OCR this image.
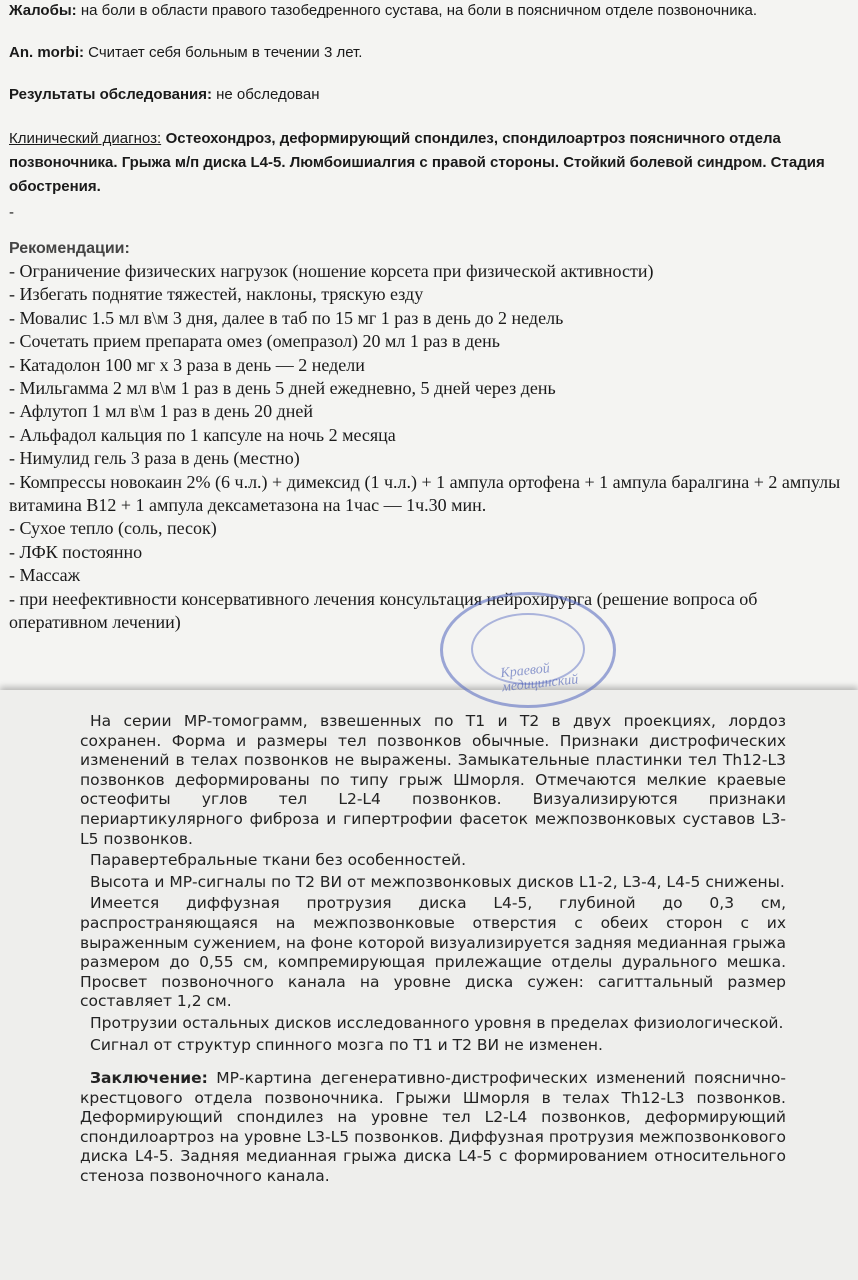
Жалобы: на боли в области правого тазобедренного сустава, на боли в поясничном отделе позвоночника.

An. morbi: Считает себя больным в течении 3 лет.

Результаты обследования: не обследован

Клинический диагноз: Остеохондроз, деформирующий спондилез, спондилоартроз поясничного отдела позвоночника. Грыжа м/п диска L4-5. Люмбоишиалгия с правой стороны. Стойкий болевой синдром. Стадия обострения.

-
Рекомендации:
- Ограничение физических нагрузок (ношение корсета при физической активности)
- Избегать поднятие тяжестей, наклоны, тряскую езду
- Мовалис 1.5 мл в\м 3 дня, далее в таб по 15 мг 1 раз в день до 2 недель
- Сочетать прием препарата омез (омепразол) 20 мл 1 раз в день
- Катадолон 100 мг х 3 раза в день — 2 недели
- Мильгамма 2 мл в\м 1 раз в день 5 дней ежедневно, 5 дней через день
- Афлутоп 1 мл в\м 1 раз в день 20 дней
- Альфадол кальция по 1 капсуле на ночь 2 месяца
- Нимулид гель 3 раза в день (местно)
- Компрессы новокаин 2% (6 ч.л.) + димексид (1 ч.л.) + 1 ампула ортофена + 1 ампула баралгина + 2 ампулы витамина В12 + 1 ампула дексаметазона на 1час — 1ч.30 мин.
- Сухое тепло (соль, песок)
- ЛФК постоянно
- Массаж
- при неефективности консервативного лечения консультация нейрохирурга (решение вопроса об оперативном лечении)
Краевой медицинский

На серии МР-томограмм, взвешенных по Т1 и Т2 в двух проекциях, лордоз сохранен. Форма и размеры тел позвонков обычные. Признаки дистрофических изменений в телах позвонков не выражены. Замыкательные пластинки тел Th12-L3 позвонков деформированы по типу грыж Шморля. Отмечаются мелкие краевые остеофиты углов тел L2-L4 позвонков. Визуализируются признаки периартикулярного фиброза и гипертрофии фасеток межпозвонковых суставов L3-L5 позвонков.

Паравертебральные ткани без особенностей.

Высота и МР-сигналы по Т2 ВИ от межпозвонковых дисков L1-2, L3-4, L4-5 снижены.

Имеется диффузная протрузия диска L4-5, глубиной до 0,3 см, распространяющаяся на межпозвонковые отверстия с обеих сторон с их выраженным сужением, на фоне которой визуализируется задняя медианная грыжа размером до 0,55 см, компремирующая прилежащие отделы дурального мешка. Просвет позвоночного канала на уровне диска сужен: сагиттальный размер составляет 1,2 см.

Протрузии остальных дисков исследованного уровня в пределах физиологической.

Сигнал от структур спинного мозга по Т1 и Т2 ВИ не изменен.

Заключение: МР-картина дегенеративно-дистрофических изменений пояснично-крестцового отдела позвоночника. Грыжи Шморля в телах Th12-L3 позвонков. Деформирующий спондилез на уровне тел L2-L4 позвонков, деформирующий спондилоартроз на уровне L3-L5 позвонков. Диффузная протрузия межпозвонкового диска L4-5. Задняя медианная грыжа диска L4-5 с формированием относительного стеноза позвоночного канала.
